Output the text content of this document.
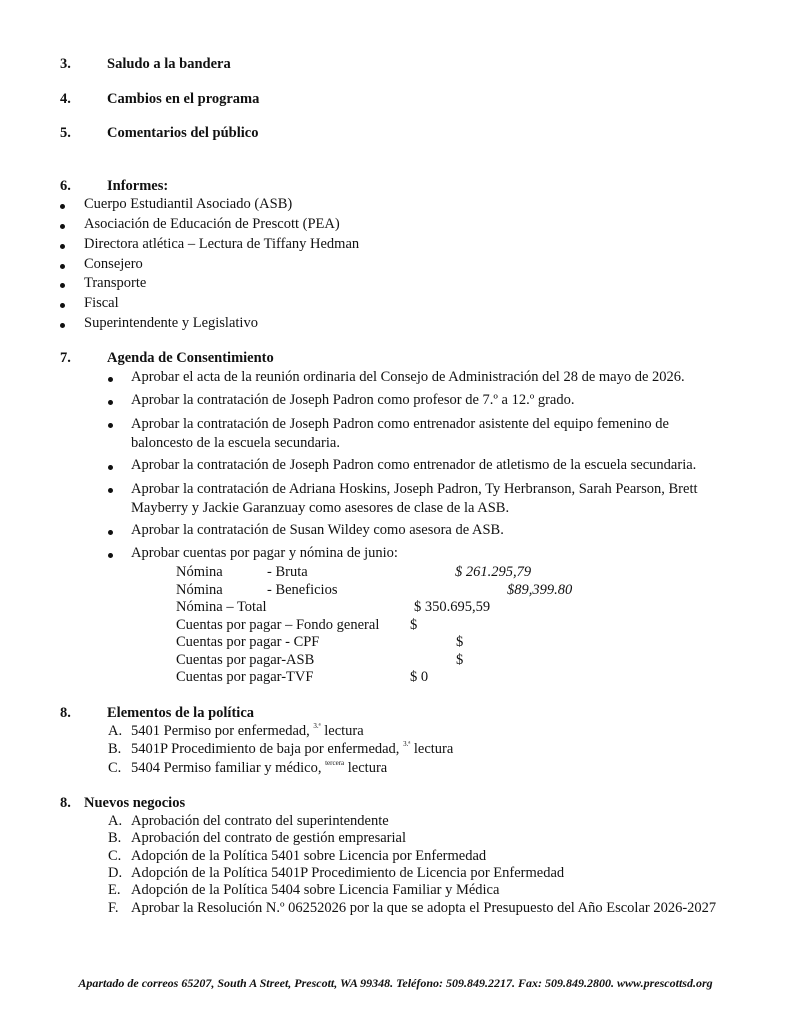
3. Saludo a la bandera
4. Cambios en el programa
5. Comentarios del público
6. Informes:
Cuerpo Estudiantil Asociado (ASB)
Asociación de Educación de Prescott (PEA)
Directora atlética – Lectura de Tiffany Hedman
Consejero
Transporte
Fiscal
Superintendente y Legislativo
7. Agenda de Consentimiento
Aprobar el acta de la reunión ordinaria del Consejo de Administración del 28 de mayo de 2026.
Aprobar la contratación de Joseph Padron como profesor de 7.º a 12.º grado.
Aprobar la contratación de Joseph Padron como entrenador asistente del equipo femenino de baloncesto de la escuela secundaria.
Aprobar la contratación de Joseph Padron como entrenador de atletismo de la escuela secundaria.
Aprobar la contratación de Adriana Hoskins, Joseph Padron, Ty Herbranson, Sarah Pearson, Brett Mayberry y Jackie Garanzuay como asesores de clase de la ASB.
Aprobar la contratación de Susan Wildey como asesora de ASB.
Aprobar cuentas por pagar y nómina de junio:
Nómina	- Bruta	$ 261.295,79
Nómina	- Beneficios	$89,399.80
Nómina – Total	$ 350.695,59
Cuentas por pagar – Fondo general $
Cuentas por pagar - CPF	$
Cuentas por pagar-ASB	$
Cuentas por pagar-TVF	$ 0
8. Elementos de la política
A. 5401 Permiso por enfermedad, $^{3.ª}$ lectura
B. 5401P Procedimiento de baja por enfermedad, $^{3.ª}$ lectura
C. 5404 Permiso familiar y médico, $^{tercera}$ lectura
8. Nuevos negocios
A. Aprobación del contrato del superintendente
B. Aprobación del contrato de gestión empresarial
C. Adopción de la Política 5401 sobre Licencia por Enfermedad
D. Adopción de la Política 5401P Procedimiento de Licencia por Enfermedad
E. Adopción de la Política 5404 sobre Licencia Familiar y Médica
F. Aprobar la Resolución N.º 06252026 por la que se adopta el Presupuesto del Año Escolar 2026-2027
Apartado de correos 65207, South A Street, Prescott, WA 99348. Teléfono: 509.849.2217. Fax: 509.849.2800. www.prescottsd.org
